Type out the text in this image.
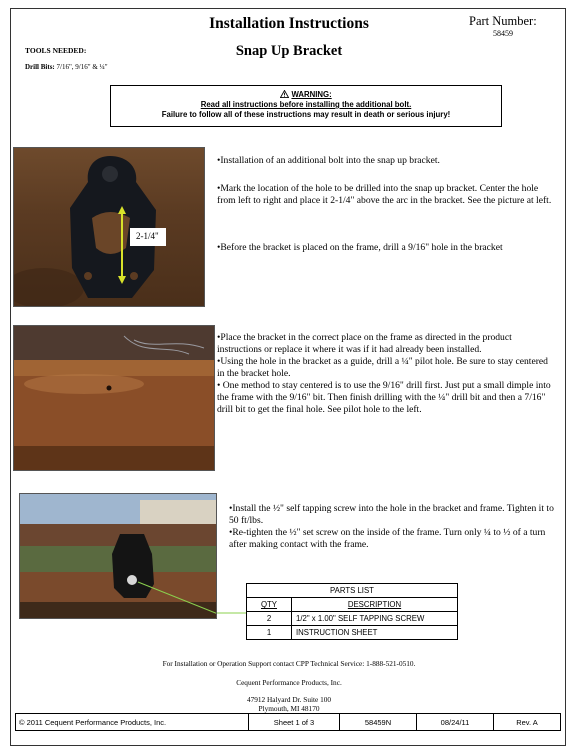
Installation Instructions
Snap Up Bracket
Part Number:
58459
TOOLS NEEDED:
Drill Bits: 7/16", 9/16" & ¼"
WARNING:
Read all instructions before installing the additional bolt.
Failure to follow all of these instructions may result in death or serious injury!
2-1/4"
•Installation of an additional bolt into the snap up bracket.
•Mark the location of the hole to be drilled into the snap up bracket. Center the hole from left to right and place it 2-1/4" above the arc in the bracket. See the picture at left.
•Before the bracket is placed on the frame, drill a 9/16" hole in the bracket
•Place the bracket in the correct place on the frame as directed in the product instructions or replace it where it was if it had already been installed.
•Using the hole in the bracket as a guide, drill a ¼" pilot hole. Be sure to stay centered in the bracket hole.
• One method to stay centered is to use the 9/16" drill first. Just put a small dimple into the frame with the 9/16" bit. Then finish drilling with the ¼" drill bit and then a 7/16" drill bit to get the final hole. See pilot hole to the left.
•Install the ½" self tapping screw into the hole in the bracket and frame. Tighten it to 50 ft/lbs.
•Re-tighten the ½" set screw on the inside of the frame. Turn only ¼ to ½ of a turn after making contact with the frame.
PARTS LIST	
QTY	DESCRIPTION
2	1/2" x 1.00" SELF TAPPING SCREW
1	INSTRUCTION SHEET
For Installation or Operation Support contact CPP Technical Service: 1-888-521-0510.
Cequent Performance Products, Inc.
47912 Halyard Dr. Suite 100
Plymouth, MI 48170
© 2011 Cequent Performance Products, Inc.	Sheet 1 of 3	58459N	08/24/11	Rev. A
